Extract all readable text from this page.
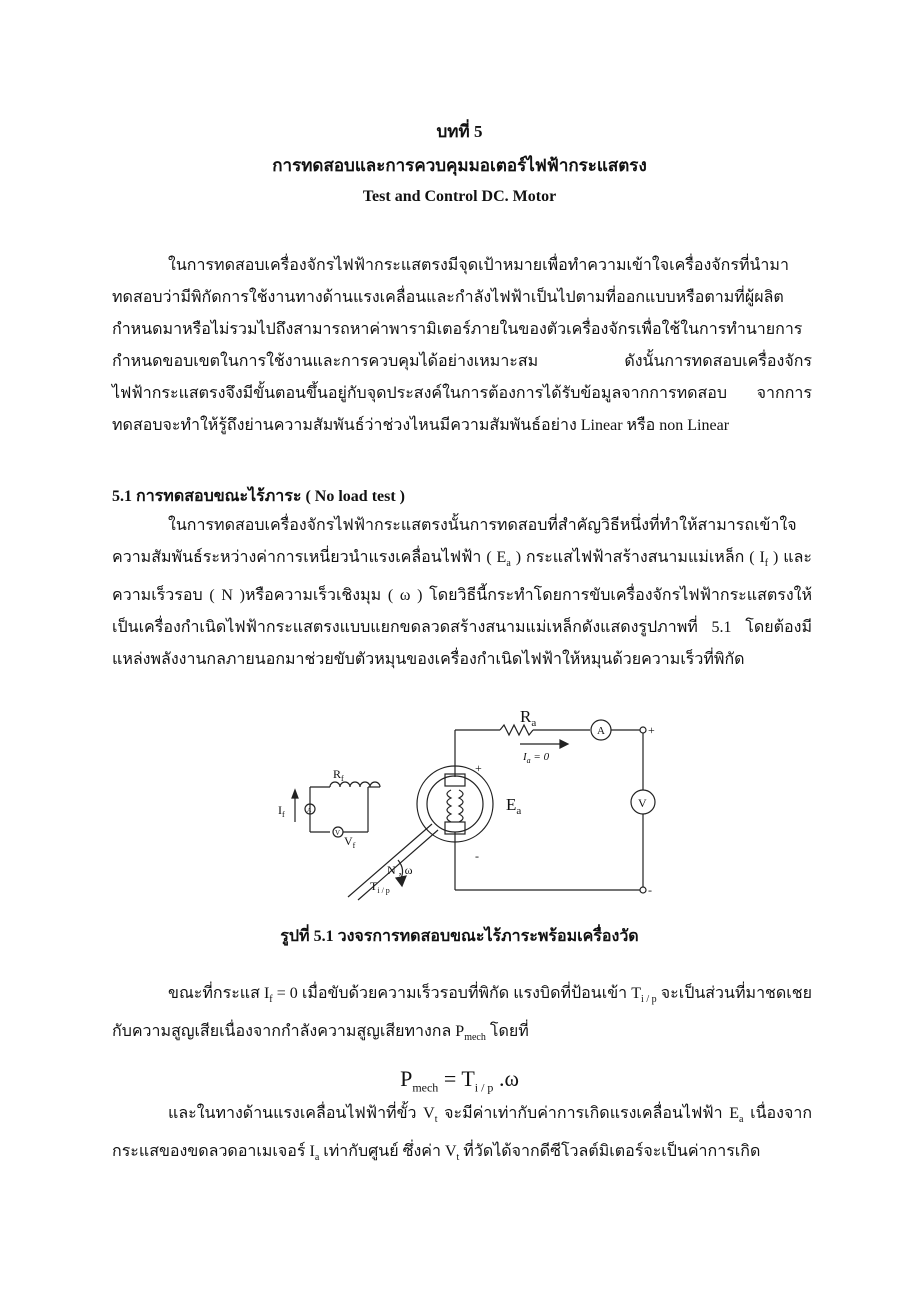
บทที่ 5
การทดสอบและการควบคุมมอเตอร์ไฟฟ้ากระแสตรง
Test and Control DC. Motor

ในการทดสอบเครื่องจักรไฟฟ้ากระแสตรงมีจุดเป้าหมายเพื่อทำความเข้าใจเครื่องจักรที่นำมาทดสอบว่ามีพิกัดการใช้งานทางด้านแรงเคลื่อนและกำลังไฟฟ้าเป็นไปตามที่ออกแบบหรือตามที่ผู้ผลิตกำหนดมาหรือไม่รวมไปถึงสามารถหาค่าพารามิเตอร์ภายในของตัวเครื่องจักรเพื่อใช้ในการทำนายการกำหนดขอบเขตในการใช้งานและการควบคุมได้อย่างเหมาะสม ดังนั้นการทดสอบเครื่องจักรไฟฟ้ากระแสตรงจึงมีขั้นตอนขึ้นอยู่กับจุดประสงค์ในการต้องการได้รับข้อมูลจากการทดสอบ จากการทดสอบจะทำให้รู้ถึงย่านความสัมพันธ์ว่าช่วงไหนมีความสัมพันธ์อย่าง Linear หรือ non Linear

5.1 การทดสอบขณะไร้ภาระ ( No load test )

ในการทดสอบเครื่องจักรไฟฟ้ากระแสตรงนั้นการทดสอบที่สำคัญวิธีหนึ่งที่ทำให้สามารถเข้าใจความสัมพันธ์ระหว่างค่าการเหนี่ยวนำแรงเคลื่อนไฟฟ้า ( $E_a$ ) กระแสไฟฟ้าสร้างสนามแม่เหล็ก ( $I_f$ ) และความเร็วรอบ ( N )หรือความเร็วเชิงมุม ( ω ) โดยวิธีนี้กระทำโดยการขับเครื่องจักรไฟฟ้ากระแสตรงให้เป็นเครื่องกำเนิดไฟฟ้ากระแสตรงแบบแยกขดลวดสร้างสนามแม่เหล็กดังแสดงรูปภาพที่ 5.1 โดยต้องมีแหล่งพลังงานกลภายนอกมาช่วยขับตัวหมุนของเครื่องกำเนิดไฟฟ้าให้หมุนด้วยความเร็วที่พิกัด

$R_a$
$I_a = 0$
A
V
+
-
+
-
$E_a$
$R_f$
$I_f$	A
V
$V_f$
N , ω
$T_{i / p}$
รูปที่ 5.1 วงจรการทดสอบขณะไร้ภาระพร้อมเครื่องวัด

ขณะที่กระแส $I_f = 0$ เมื่อขับด้วยความเร็วรอบที่พิกัด แรงบิดที่ป้อนเข้า $T_{i / p}$ จะเป็นส่วนที่มาชดเชยกับความสูญเสียเนื่องจากกำลังความสูญเสียทางกล $P_{mech}$ โดยที่

$P_{mech} = T_{i / p}$ .ω

และในทางด้านแรงเคลื่อนไฟฟ้าที่ขั้ว $V_t$ จะมีค่าเท่ากับค่าการเกิดแรงเคลื่อนไฟฟ้า $E_a$ เนื่องจากกระแสของขดลวดอาเมเจอร์ $I_a$ เท่ากับศูนย์ ซึ่งค่า $V_t$ ที่วัดได้จากดีซีโวลต์มิเตอร์จะเป็นค่าการเกิด
